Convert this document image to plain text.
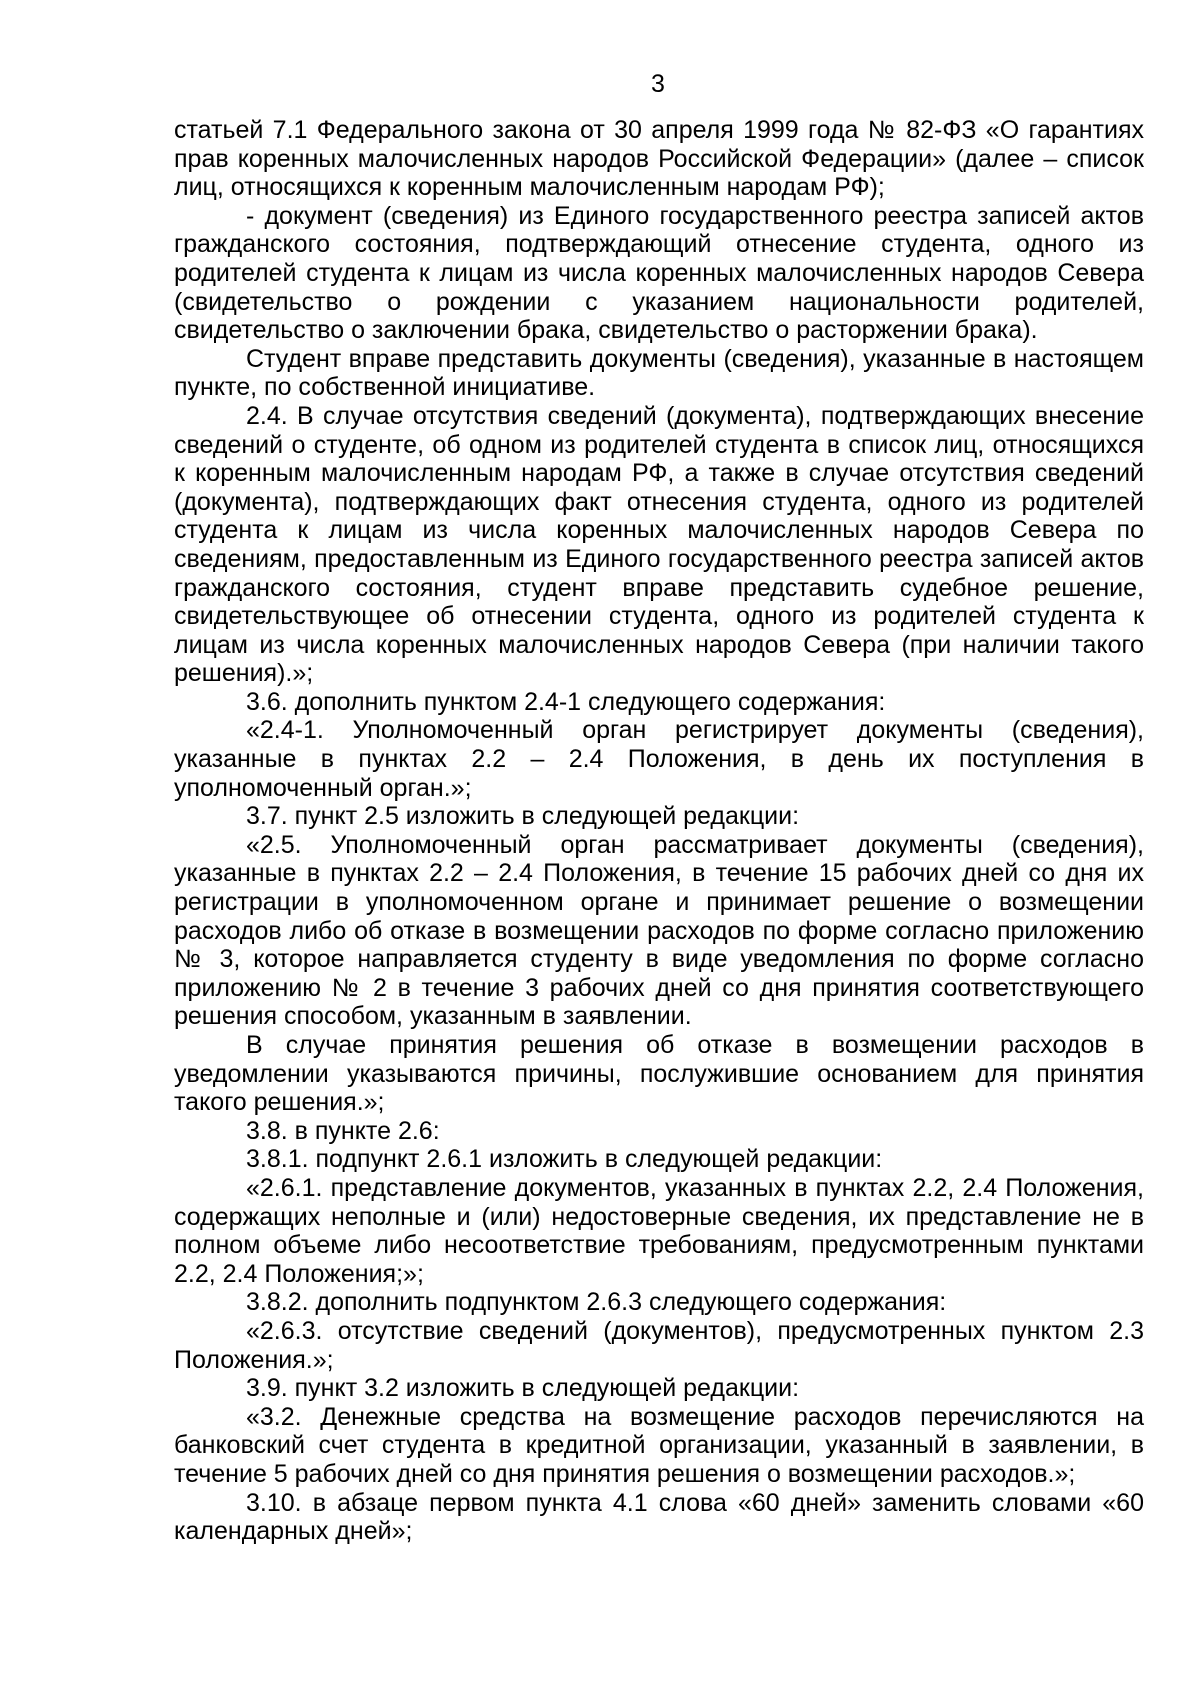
3

статьей 7.1 Федерального закона от 30 апреля 1999 года № 82-ФЗ «О гарантиях прав коренных малочисленных народов Российской Федерации» (далее – список лиц, относящихся к коренным малочисленным народам РФ);

- документ (сведения) из Единого государственного реестра записей актов гражданского состояния, подтверждающий отнесение студента, одного из родителей студента к лицам из числа коренных малочисленных народов Севера (свидетельство о рождении с указанием национальности родителей, свидетельство о заключении брака, свидетельство о расторжении брака).

Студент вправе представить документы (сведения), указанные в настоящем пункте, по собственной инициативе.

2.4. В случае отсутствия сведений (документа), подтверждающих внесение сведений о студенте, об одном из родителей студента в список лиц, относящихся к коренным малочисленным народам РФ, а также в случае отсутствия сведений (документа), подтверждающих факт отнесения студента, одного из родителей студента к лицам из числа коренных малочисленных народов Севера по сведениям, предоставленным из Единого государственного реестра записей актов гражданского состояния, студент вправе представить судебное решение, свидетельствующее об отнесении студента, одного из родителей студента к лицам из числа коренных малочисленных народов Севера (при наличии такого решения).»;

3.6. дополнить пунктом 2.4-1 следующего содержания:

«2.4-1. Уполномоченный орган регистрирует документы (сведения), указанные в пунктах 2.2 – 2.4 Положения, в день их поступления в уполномоченный орган.»;

3.7. пункт 2.5 изложить в следующей редакции:

«2.5. Уполномоченный орган рассматривает документы (сведения), указанные в пунктах 2.2 – 2.4 Положения, в течение 15 рабочих дней со дня их регистрации в уполномоченном органе и принимает решение о возмещении расходов либо об отказе в возмещении расходов по форме согласно приложению № 3, которое направляется студенту в виде уведомления по форме согласно приложению № 2 в течение 3 рабочих дней со дня принятия соответствующего решения способом, указанным в заявлении.

В случае принятия решения об отказе в возмещении расходов в уведомлении указываются причины, послужившие основанием для принятия такого решения.»;

3.8. в пункте 2.6:

3.8.1. подпункт 2.6.1 изложить в следующей редакции:

«2.6.1. представление документов, указанных в пунктах 2.2, 2.4 Положения, содержащих неполные и (или) недостоверные сведения, их представление не в полном объеме либо несоответствие требованиям, предусмотренным пунктами 2.2, 2.4 Положения;»;

3.8.2. дополнить подпунктом 2.6.3 следующего содержания:

«2.6.3. отсутствие сведений (документов), предусмотренных пунктом 2.3 Положения.»;

3.9. пункт 3.2 изложить в следующей редакции:

«3.2. Денежные средства на возмещение расходов перечисляются на банковский счет студента в кредитной организации, указанный в заявлении, в течение 5 рабочих дней со дня принятия решения о возмещении расходов.»;

3.10. в абзаце первом пункта 4.1 слова «60 дней» заменить словами «60 календарных дней»;
